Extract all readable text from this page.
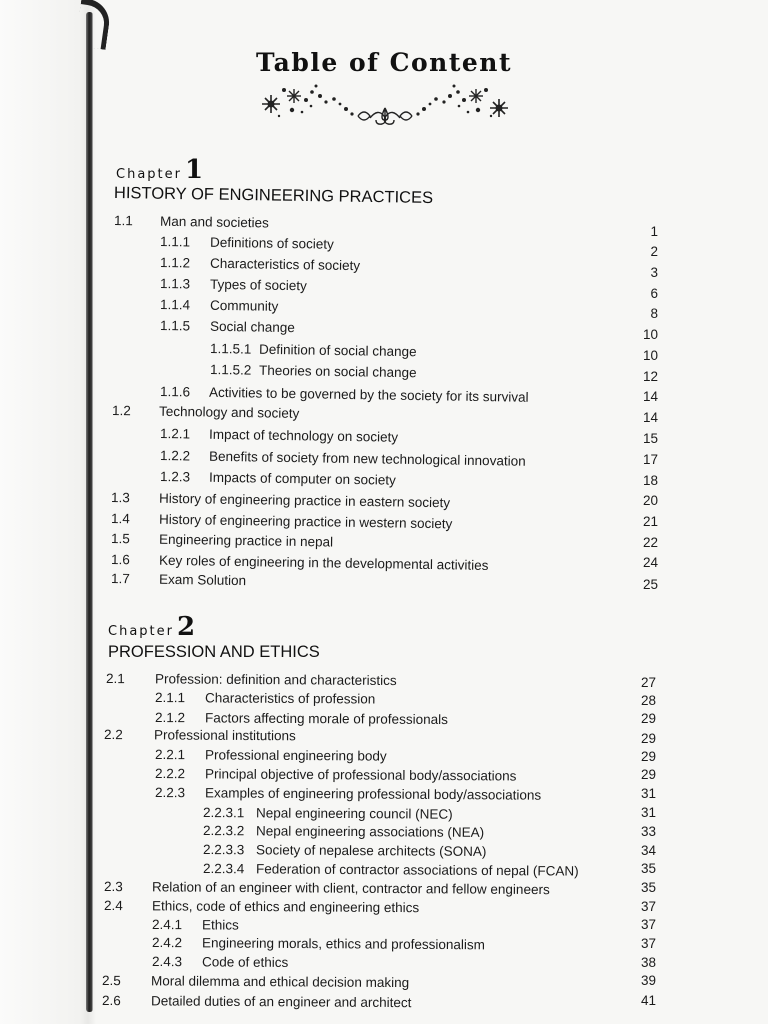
Table of Content
Chapter 1
HISTORY OF ENGINEERING PRACTICES
1.1 Man and societies
1.1.1 Definitions of society
1.1.2 Characteristics of society
1.1.3 Types of society
1.1.4 Community
1.1.5 Social change
1.1.5.1 Definition of social change
1.1.5.2 Theories on social change
1.1.6 Activities to be governed by the society for its survival
1.2 Technology and society
1.2.1 Impact of technology on society
1.2.2 Benefits of society from new technological innovation
1.2.3 Impacts of computer on society
1.3 History of engineering practice in eastern society
1.4 History of engineering practice in western society
1.5 Engineering practice in nepal
1.6 Key roles of engineering in the developmental activities
1.7 Exam Solution
1
2
3
6
8
10
10
12
14
14
15
17
18
20
21
22
24
25
Chapter 2
PROFESSION AND ETHICS
2.1 Profession: definition and characteristics
2.1.1 Characteristics of profession
2.1.2 Factors affecting morale of professionals
2.2 Professional institutions
2.2.1 Professional engineering body
2.2.2 Principal objective of professional body/associations
2.2.3 Examples of engineering professional body/associations
2.2.3.1 Nepal engineering council (NEC)
2.2.3.2 Nepal engineering associations (NEA)
2.2.3.3 Society of nepalese architects (SONA)
2.2.3.4 Federation of contractor associations of nepal (FCAN)
2.3 Relation of an engineer with client, contractor and fellow engineers
2.4 Ethics, code of ethics and engineering ethics
2.4.1 Ethics
2.4.2 Engineering morals, ethics and professionalism
2.4.3 Code of ethics
2.5 Moral dilemma and ethical decision making
2.6 Detailed duties of an engineer and architect
27
28
29
29
29
29
31
31
33
34
35
35
37
37
37
38
39
41
